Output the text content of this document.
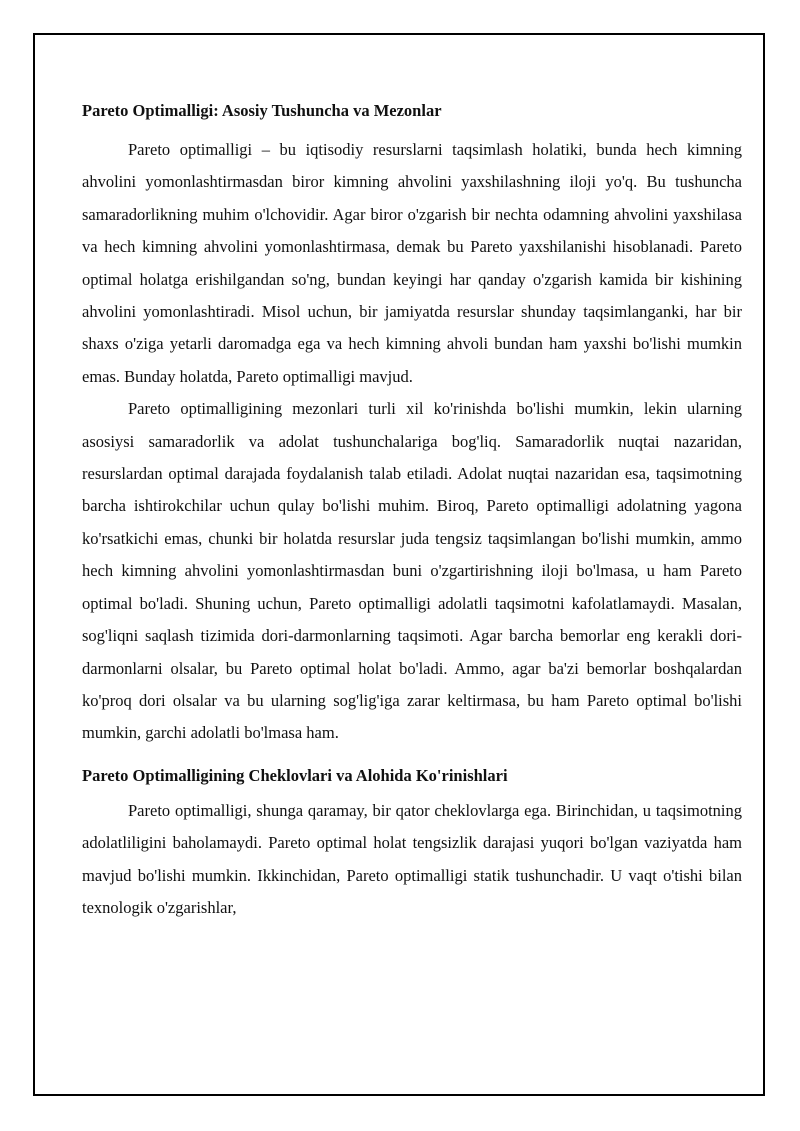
Pareto Optimalligi: Asosiy Tushuncha va Mezonlar

Pareto optimalligi – bu iqtisodiy resurslarni taqsimlash holatiki, bunda hech kimning ahvolini yomonlashtirmasdan biror kimning ahvolini yaxshilashning iloji yo'q. Bu tushuncha samaradorlikning muhim o'lchovidir. Agar biror o'zgarish bir nechta odamning ahvolini yaxshilasa va hech kimning ahvolini yomonlashtirmasa, demak bu Pareto yaxshilanishi hisoblanadi. Pareto optimal holatga erishilgandan so'ng, bundan keyingi har qanday o'zgarish kamida bir kishining ahvolini yomonlashtiradi. Misol uchun, bir jamiyatda resurslar shunday taqsimlanganki, har bir shaxs o'ziga yetarli daromadga ega va hech kimning ahvoli bundan ham yaxshi bo'lishi mumkin emas. Bunday holatda, Pareto optimalligi mavjud.

Pareto optimalligining mezonlari turli xil ko'rinishda bo'lishi mumkin, lekin ularning asosiysi samaradorlik va adolat tushunchalariga bog'liq. Samaradorlik nuqtai nazaridan, resurslardan optimal darajada foydalanish talab etiladi. Adolat nuqtai nazaridan esa, taqsimotning barcha ishtirokchilar uchun qulay bo'lishi muhim. Biroq, Pareto optimalligi adolatning yagona ko'rsatkichi emas, chunki bir holatda resurslar juda tengsiz taqsimlangan bo'lishi mumkin, ammo hech kimning ahvolini yomonlashtirmasdan buni o'zgartirishning iloji bo'lmasa, u ham Pareto optimal bo'ladi. Shuning uchun, Pareto optimalligi adolatli taqsimotni kafolatlamaydi. Masalan, sog'liqni saqlash tizimida dori-darmonlarning taqsimoti. Agar barcha bemorlar eng kerakli dori-darmonlarni olsalar, bu Pareto optimal holat bo'ladi. Ammo, agar ba'zi bemorlar boshqalardan ko'proq dori olsalar va bu ularning sog'lig'iga zarar keltirmasa, bu ham Pareto optimal bo'lishi mumkin, garchi adolatli bo'lmasa ham.

Pareto Optimalligining Cheklovlari va Alohida Ko'rinishlari

Pareto optimalligi, shunga qaramay, bir qator cheklovlarga ega. Birinchidan, u taqsimotning adolatliligini baholamaydi. Pareto optimal holat tengsizlik darajasi yuqori bo'lgan vaziyatda ham mavjud bo'lishi mumkin. Ikkinchidan, Pareto optimalligi statik tushunchadir. U vaqt o'tishi bilan texnologik o'zgarishlar,
